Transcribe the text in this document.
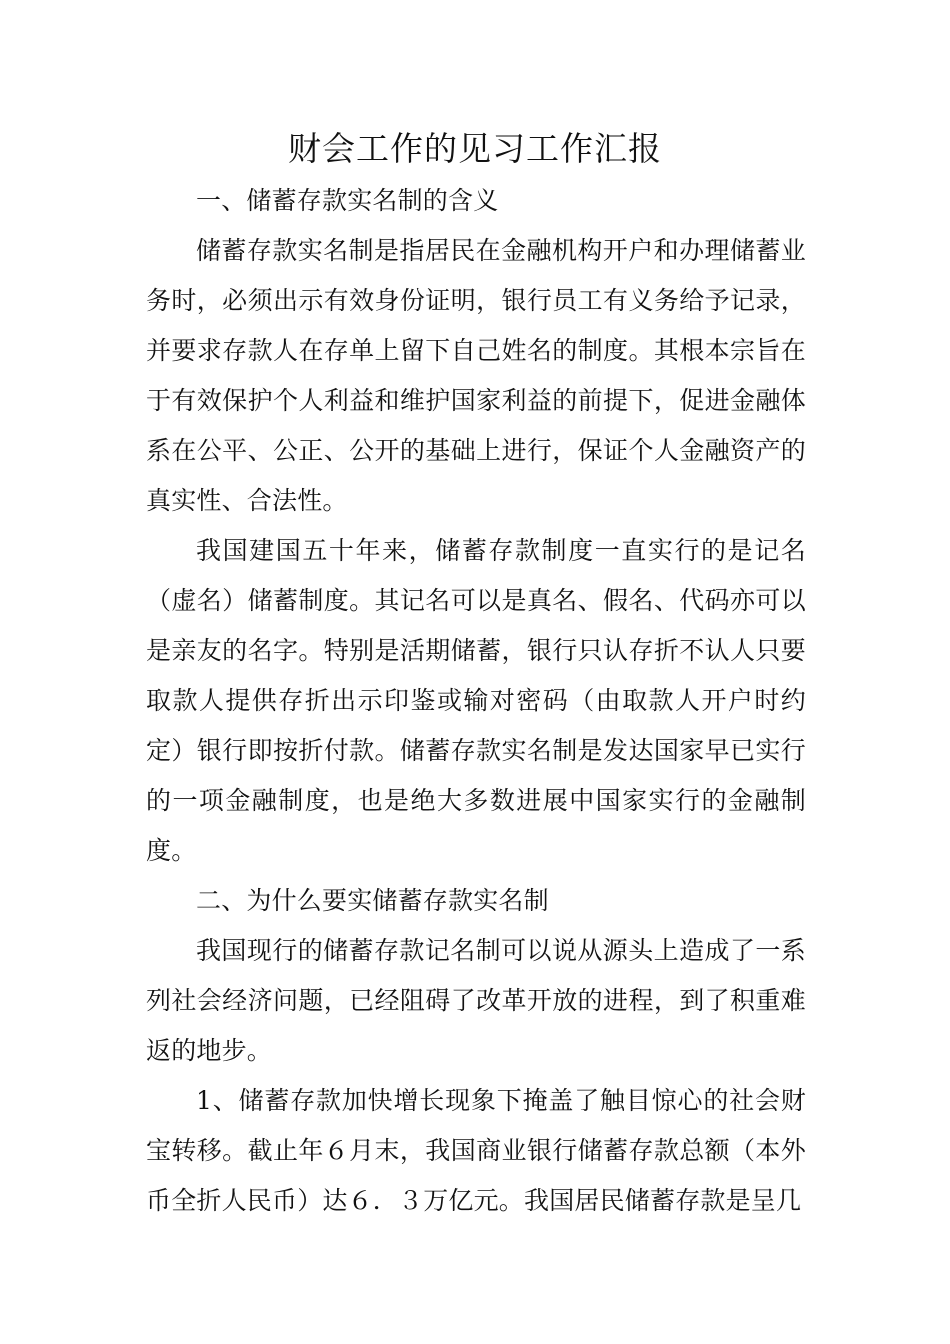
财会工作的见习工作汇报

一、储蓄存款实名制的含义

储蓄存款实名制是指居民在金融机构开户和办理储蓄业务时，必须出示有效身份证明，银行员工有义务给予记录，并要求存款人在存单上留下自己姓名的制度。其根本宗旨在于有效保护个人利益和维护国家利益的前提下，促进金融体系在公平、公正、公开的基础上进行，保证个人金融资产的真实性、合法性。

我国建国五十年来，储蓄存款制度一直实行的是记名（虚名）储蓄制度。其记名可以是真名、假名、代码亦可以是亲友的名字。特别是活期储蓄，银行只认存折不认人只要取款人提供存折出示印鉴或输对密码（由取款人开户时约定）银行即按折付款。储蓄存款实名制是发达国家早已实行的一项金融制度，也是绝大多数进展中国家实行的金融制度。

二、为什么要实储蓄存款实名制

我国现行的储蓄存款记名制可以说从源头上造成了一系列社会经济问题，已经阻碍了改革开放的进程，到了积重难返的地步。

1、储蓄存款加快增长现象下掩盖了触目惊心的社会财宝转移。截止年６月末，我国商业银行储蓄存款总额（本外币全折人民币）达６．３万亿元。我国居民储蓄存款是呈几
